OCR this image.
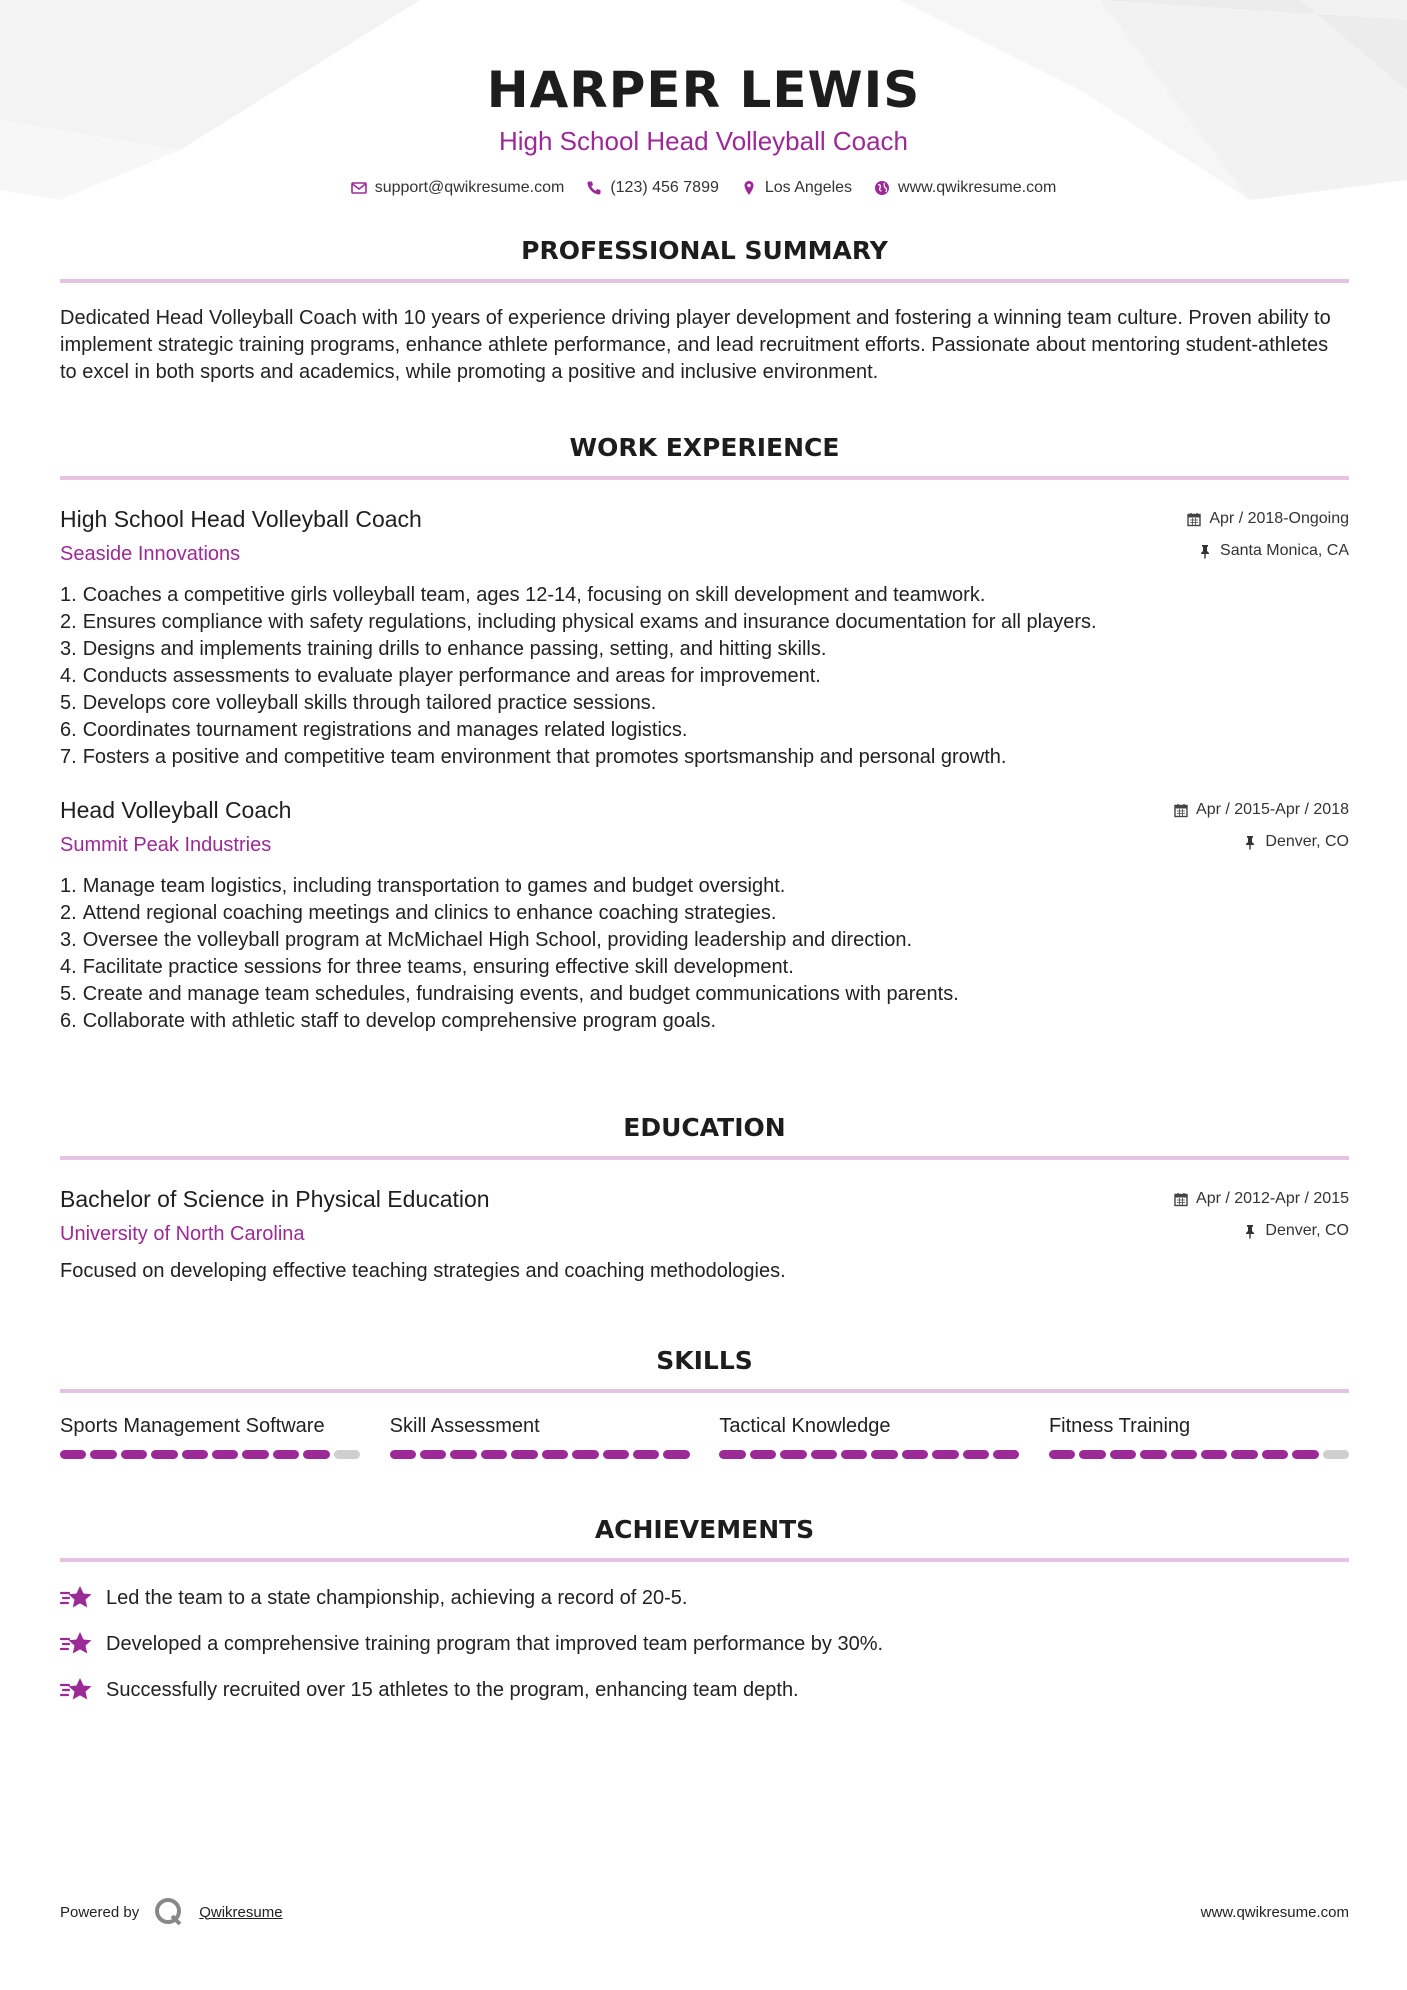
HARPER LEWIS
High School Head Volleyball Coach
support@qwikresume.com	(123) 456 7899	Los Angeles	www.qwikresume.com
PROFESSIONAL SUMMARY

Dedicated Head Volleyball Coach with 10 years of experience driving player development and fostering a winning team culture. Proven ability to implement strategic training programs, enhance athlete performance, and lead recruitment efforts. Passionate about mentoring student-athletes to excel in both sports and academics, while promoting a positive and inclusive environment.

WORK EXPERIENCE
High School Head Volleyball Coach
Seaside Innovations
Apr / 2018-Ongoing
Santa Monica, CA
1. Coaches a competitive girls volleyball team, ages 12-14, focusing on skill development and teamwork.
2. Ensures compliance with safety regulations, including physical exams and insurance documentation for all players.
3. Designs and implements training drills to enhance passing, setting, and hitting skills.
4. Conducts assessments to evaluate player performance and areas for improvement.
5. Develops core volleyball skills through tailored practice sessions.
6. Coordinates tournament registrations and manages related logistics.
7. Fosters a positive and competitive team environment that promotes sportsmanship and personal growth.
Head Volleyball Coach
Summit Peak Industries
Apr / 2015-Apr / 2018
Denver, CO
1. Manage team logistics, including transportation to games and budget oversight.
2. Attend regional coaching meetings and clinics to enhance coaching strategies.
3. Oversee the volleyball program at McMichael High School, providing leadership and direction.
4. Facilitate practice sessions for three teams, ensuring effective skill development.
5. Create and manage team schedules, fundraising events, and budget communications with parents.
6. Collaborate with athletic staff to develop comprehensive program goals.
EDUCATION
Bachelor of Science in Physical Education
University of North Carolina
Apr / 2012-Apr / 2015
Denver, CO
Focused on developing effective teaching strategies and coaching methodologies.
SKILLS
Sports Management Software	Skill Assessment	Tactical Knowledge	Fitness Training
ACHIEVEMENTS
Led the team to a state championship, achieving a record of 20-5.
Developed a comprehensive training program that improved team performance by 30%.
Successfully recruited over 15 athletes to the program, enhancing team depth.
Powered by	Qwikresume	www.qwikresume.com
